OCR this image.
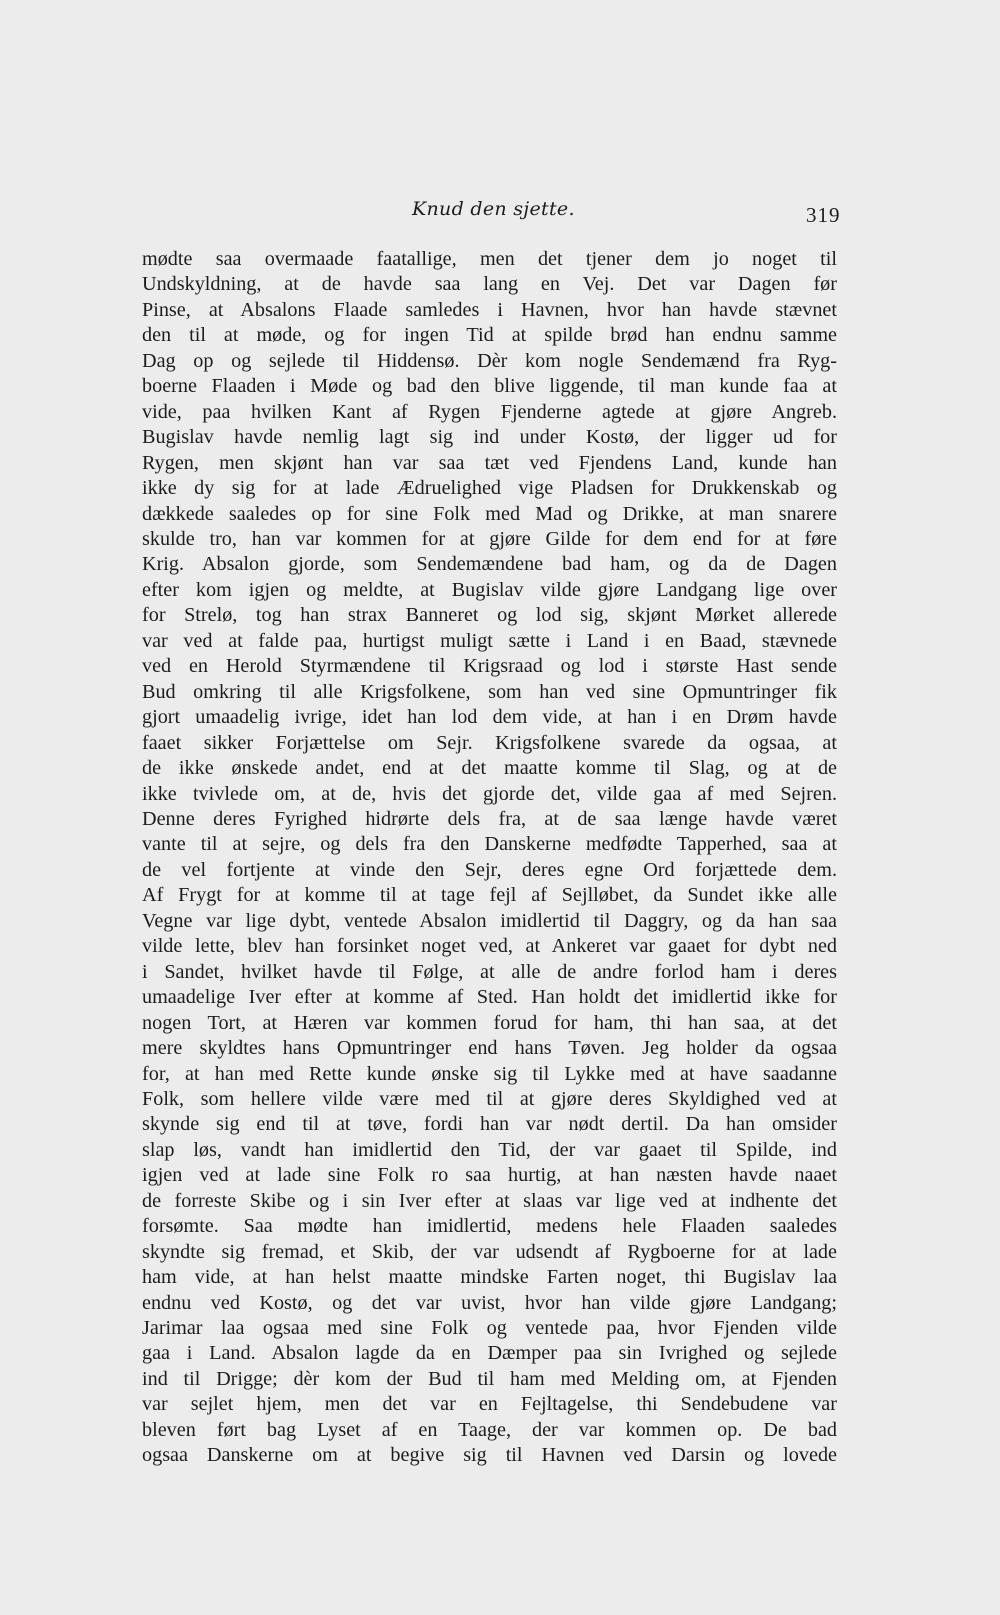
Knud den sjette.	319
mødte saa overmaade faatallige, men det tjener dem jo noget til
Undskyldning, at de havde saa lang en Vej. Det var Dagen før
Pinse, at Absalons Flaade samledes i Havnen, hvor han havde stævnet
den til at møde, og for ingen Tid at spilde brød han endnu samme
Dag op og sejlede til Hiddensø. Dèr kom nogle Sendemænd fra Ryg-
boerne Flaaden i Møde og bad den blive liggende, til man kunde faa at
vide, paa hvilken Kant af Rygen Fjenderne agtede at gjøre Angreb.
Bugislav havde nemlig lagt sig ind under Kostø, der ligger ud for
Rygen, men skjønt han var saa tæt ved Fjendens Land, kunde han
ikke dy sig for at lade Ædruelighed vige Pladsen for Drukkenskab og
dækkede saaledes op for sine Folk med Mad og Drikke, at man snarere
skulde tro, han var kommen for at gjøre Gilde for dem end for at føre
Krig. Absalon gjorde, som Sendemændene bad ham, og da de Dagen
efter kom igjen og meldte, at Bugislav vilde gjøre Landgang lige over
for Strelø, tog han strax Banneret og lod sig, skjønt Mørket allerede
var ved at falde paa, hurtigst muligt sætte i Land i en Baad, stævnede
ved en Herold Styrmændene til Krigsraad og lod i største Hast sende
Bud omkring til alle Krigsfolkene, som han ved sine Opmuntringer fik
gjort umaadelig ivrige, idet han lod dem vide, at han i en Drøm havde
faaet sikker Forjættelse om Sejr. Krigsfolkene svarede da ogsaa, at
de ikke ønskede andet, end at det maatte komme til Slag, og at de
ikke tvivlede om, at de, hvis det gjorde det, vilde gaa af med Sejren.
Denne deres Fyrighed hidrørte dels fra, at de saa længe havde været
vante til at sejre, og dels fra den Danskerne medfødte Tapperhed, saa at
de vel fortjente at vinde den Sejr, deres egne Ord forjættede dem.
Af Frygt for at komme til at tage fejl af Sejlløbet, da Sundet ikke alle
Vegne var lige dybt, ventede Absalon imidlertid til Daggry, og da han saa
vilde lette, blev han forsinket noget ved, at Ankeret var gaaet for dybt ned
i Sandet, hvilket havde til Følge, at alle de andre forlod ham i deres
umaadelige Iver efter at komme af Sted. Han holdt det imidlertid ikke for
nogen Tort, at Hæren var kommen forud for ham, thi han saa, at det
mere skyldtes hans Opmuntringer end hans Tøven. Jeg holder da ogsaa
for, at han med Rette kunde ønske sig til Lykke med at have saadanne
Folk, som hellere vilde være med til at gjøre deres Skyldighed ved at
skynde sig end til at tøve, fordi han var nødt dertil. Da han omsider
slap løs, vandt han imidlertid den Tid, der var gaaet til Spilde, ind
igjen ved at lade sine Folk ro saa hurtig, at han næsten havde naaet
de forreste Skibe og i sin Iver efter at slaas var lige ved at indhente det
forsømte. Saa mødte han imidlertid, medens hele Flaaden saaledes
skyndte sig fremad, et Skib, der var udsendt af Rygboerne for at lade
ham vide, at han helst maatte mindske Farten noget, thi Bugislav laa
endnu ved Kostø, og det var uvist, hvor han vilde gjøre Landgang;
Jarimar laa ogsaa med sine Folk og ventede paa, hvor Fjenden vilde
gaa i Land. Absalon lagde da en Dæmper paa sin Ivrighed og sejlede
ind til Drigge; dèr kom der Bud til ham med Melding om, at Fjenden
var sejlet hjem, men det var en Fejltagelse, thi Sendebudene var
bleven ført bag Lyset af en Taage, der var kommen op. De bad
ogsaa Danskerne om at begive sig til Havnen ved Darsin og lovede
